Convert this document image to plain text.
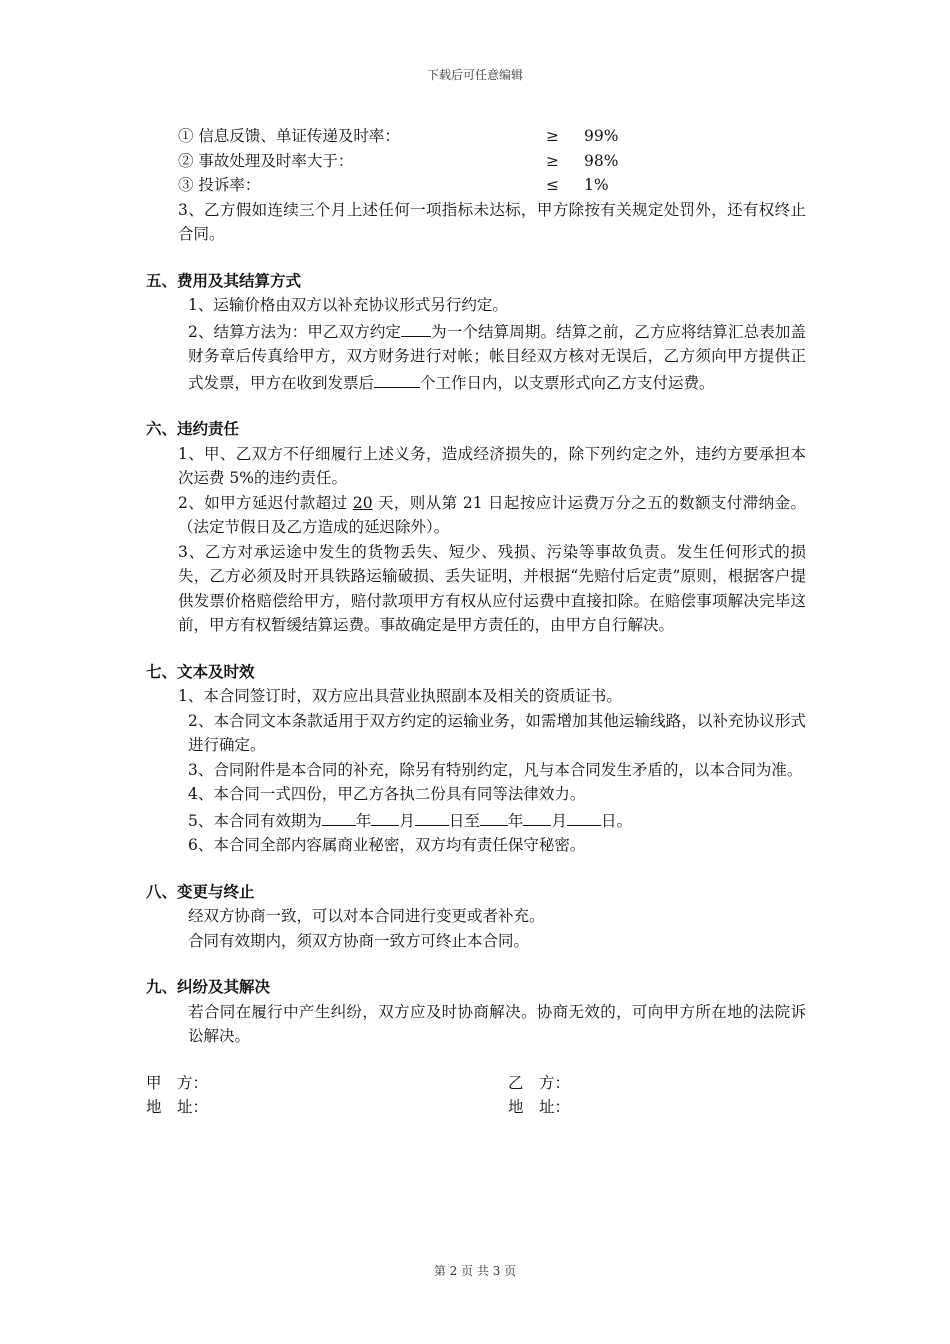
下载后可任意编辑
① 信息反馈、单证传递及时率：	≥	99%
② 事故处理及时率大于：	≥	98%
③ 投诉率：	≤	1%

3、乙方假如连续三个月上述任何一项指标未达标，甲方除按有关规定处罚外，还有权终止合同。

五、费用及其结算方式

1、运输价格由双方以补充协议形式另行约定。

2、结算方法为：甲乙双方约定 为一个结算周期。结算之前，乙方应将结算汇总表加盖财务章后传真给甲方，双方财务进行对帐；帐目经双方核对无误后，乙方须向甲方提供正式发票，甲方在收到发票后	个工作日内，以支票形式向乙方支付运费。

六、违约责任

1、甲、乙双方不仔细履行上述义务，造成经济损失的，除下列约定之外，违约方要承担本次运费 5%的违约责任。

2、如甲方延迟付款超过 20 天，则从第 21 日起按应计运费万分之五的数额支付滞纳金。（法定节假日及乙方造成的延迟除外）。

3、乙方对承运途中发生的货物丢失、短少、残损、污染等事故负责。发生任何形式的损失，乙方必须及时开具铁路运输破损、丢失证明，并根据“先赔付后定责”原则，根据客户提供发票价格赔偿给甲方，赔付款项甲方有权从应付运费中直接扣除。在赔偿事项解决完毕这前，甲方有权暂缓结算运费。事故确定是甲方责任的，由甲方自行解决。

七、文本及时效

1、本合同签订时，双方应出具营业执照副本及相关的资质证书。

2、本合同文本条款适用于双方约定的运输业务，如需增加其他运输线路，以补充协议形式进行确定。

3、合同附件是本合同的补充，除另有特别约定，凡与本合同发生矛盾的，以本合同为准。

4、本合同一式四份，甲乙方各执二份具有同等法律效力。

5、本合同有效期为 年 月 日至 年 月 日。

6、本合同全部内容属商业秘密，双方均有责任保守秘密。

八、变更与终止

经双方协商一致，可以对本合同进行变更或者补充。

合同有效期内，须双方协商一致方可终止本合同。

九、纠纷及其解决

若合同在履行中产生纠纷，双方应及时协商解决。协商无效的，可向甲方所在地的法院诉讼解决。

甲　方：	乙　方：
地　址：	地　址：
第 2 页 共 3 页
